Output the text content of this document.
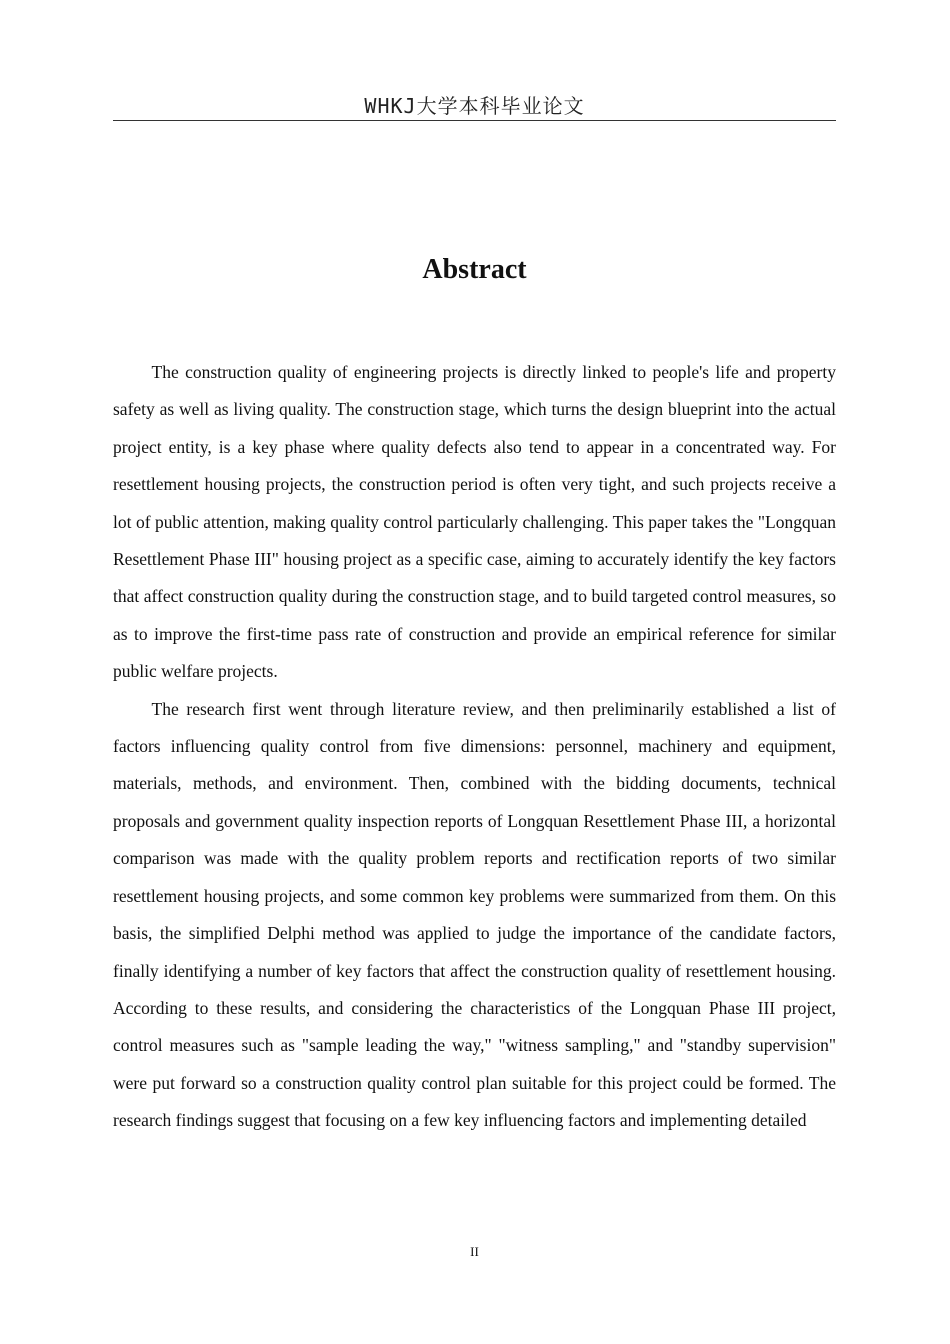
WHKJ大学本科毕业论文
Abstract

The construction quality of engineering projects is directly linked to people's life and property safety as well as living quality. The construction stage, which turns the design blueprint into the actual project entity, is a key phase where quality defects also tend to appear in a concentrated way. For resettlement housing projects, the construction period is often very tight, and such projects receive a lot of public attention, making quality control particularly challenging. This paper takes the "Longquan Resettlement Phase III" housing project as a specific case, aiming to accurately identify the key factors that affect construction quality during the construction stage, and to build targeted control measures, so as to improve the first-time pass rate of construction and provide an empirical reference for similar public welfare projects.

The research first went through literature review, and then preliminarily established a list of factors influencing quality control from five dimensions: personnel, machinery and equipment, materials, methods, and environment. Then, combined with the bidding documents, technical proposals and government quality inspection reports of Longquan Resettlement Phase III, a horizontal comparison was made with the quality problem reports and rectification reports of two similar resettlement housing projects, and some common key problems were summarized from them. On this basis, the simplified Delphi method was applied to judge the importance of the candidate factors, finally identifying a number of key factors that affect the construction quality of resettlement housing. According to these results, and considering the characteristics of the Longquan Phase III project, control measures such as "sample leading the way," "witness sampling," and "standby supervision" were put forward so a construction quality control plan suitable for this project could be formed. The research findings suggest that focusing on a few key influencing factors and implementing detailed

II
